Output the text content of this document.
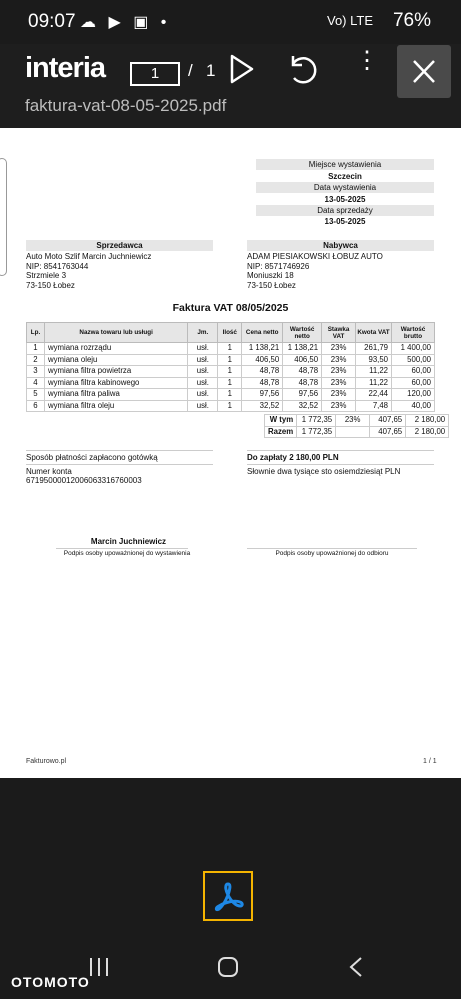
09:07 ☁ ▶ ▣ •	Vo) LTE 76%
interia	1	/ 1	⋮
faktura-vat-08-05-2025.pdf
Miejsce wystawienia
Szczecin
Data wystawienia
13-05-2025
Data sprzedaży
13-05-2025
Sprzedawca
Auto Moto Szlif Marcin Juchniewicz
NIP: 8541763044
Strzmiele 3
73-150 Łobez
Nabywca
ADAM PIESIAKOWSKI ŁOBUZ AUTO
NIP: 8571746926
Moniuszki 18
73-150 Łobez
Faktura VAT 08/05/2025
Lp.	Nazwa towaru lub usługi	Jm.	Ilość	Cena netto	Wartość netto	Stawka VAT	Kwota VAT	Wartość brutto
1	wymiana rozrządu	usł.	1	1 138,21	1 138,21	23%	261,79	1 400,00
2	wymiana oleju	usł.	1	406,50	406,50	23%	93,50	500,00
3	wymiana filtra powietrza	usł.	1	48,78	48,78	23%	11,22	60,00
4	wymiana filtra kabinowego	usł.	1	48,78	48,78	23%	11,22	60,00
5	wymiana filtra paliwa	usł.	1	97,56	97,56	23%	22,44	120,00
6	wymiana filtra oleju	usł.	1	32,52	32,52	23%	7,48	40,00
W tym	1 772,35	23%	407,65	2 180,00
Razem	1 772,35		407,65	2 180,00
Sposób płatności zapłacono gotówką	Do zapłaty 2 180,00 PLN
Numer konta
67195000012006063316760003
Słownie dwa tysiące sto osiemdziesiąt PLN
Marcin Juchniewicz
Podpis osoby upoważnionej do wystawienia	Podpis osoby upoważnionej do odbioru
Fakturowo.pl	1 / 1
OTOMOTO
